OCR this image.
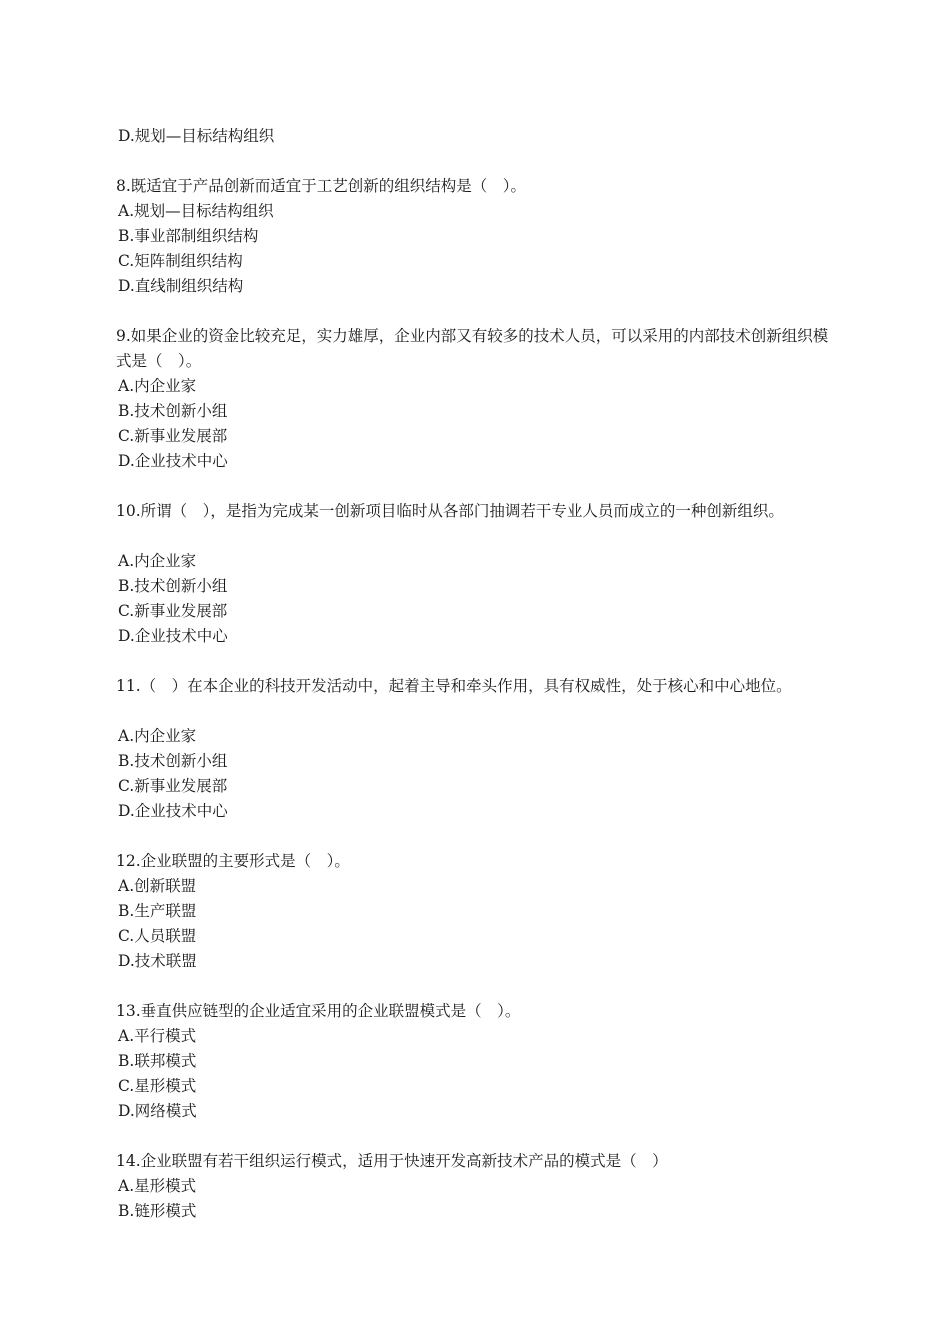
D.规划—目标结构组织
8.既适宜于产品创新而适宜于工艺创新的组织结构是（　）。
A.规划—目标结构组织
B.事业部制组织结构
C.矩阵制组织结构
D.直线制组织结构
9.如果企业的资金比较充足，实力雄厚，企业内部又有较多的技术人员，可以采用的内部技术创新组织模式是（　）。
A.内企业家
B.技术创新小组
C.新事业发展部
D.企业技术中心
10.所谓（　），是指为完成某一创新项目临时从各部门抽调若干专业人员而成立的一种创新组织。
A.内企业家
B.技术创新小组
C.新事业发展部
D.企业技术中心
11.（　）在本企业的科技开发活动中，起着主导和牵头作用，具有权威性，处于核心和中心地位。
A.内企业家
B.技术创新小组
C.新事业发展部
D.企业技术中心
12.企业联盟的主要形式是（　）。
A.创新联盟
B.生产联盟
C.人员联盟
D.技术联盟
13.垂直供应链型的企业适宜采用的企业联盟模式是（　）。
A.平行模式
B.联邦模式
C.星形模式
D.网络模式
14.企业联盟有若干组织运行模式，适用于快速开发高新技术产品的模式是（　）
A.星形模式
B.链形模式
